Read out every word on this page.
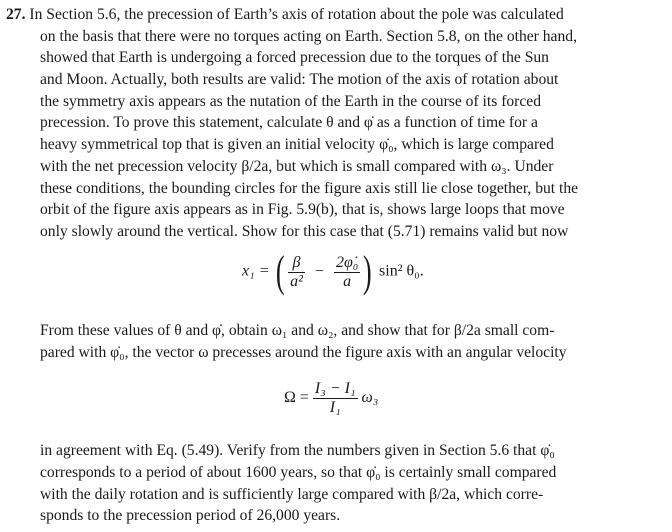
27. In Section 5.6, the precession of Earth’s axis of rotation about the pole was calculated
on the basis that there were no torques acting on Earth. Section 5.8, on the other hand,
showed that Earth is undergoing a forced precession due to the torques of the Sun
and Moon. Actually, both results are valid: The motion of the axis of rotation about
the symmetry axis appears as the nutation of the Earth in the course of its forced
precession. To prove this statement, calculate θ and φ̇ as a function of time for a
heavy symmetrical top that is given an initial velocity φ̇₀, which is large compared
with the net precession velocity β/2a, but which is small compared with ω₃. Under
these conditions, the bounding circles for the figure axis still lie close together, but the
orbit of the figure axis appears as in Fig. 5.9(b), that is, shows large loops that move
only slowly around the vertical. Show for this case that (5.71) remains valid but now
x₁ = ( $\frac{\beta}{\text{a²}} - \frac{\text{2φ̇₀}}{a}$ ) sin² θ₀.
From these values of θ and φ̇, obtain ω₁ and ω₂, and show that for β/2a small com-
pared with φ̇₀, the vector ω precesses around the figure axis with an angular velocity
$\Omega = \frac{\text{I₃ − I₁}}{\text{I₁}} \omega_3$
in agreement with Eq. (5.49). Verify from the numbers given in Section 5.6 that φ̇₀
corresponds to a period of about 1600 years, so that φ̇₀ is certainly small compared
with the daily rotation and is sufficiently large compared with β/2a, which corre-
sponds to the precession period of 26,000 years.
